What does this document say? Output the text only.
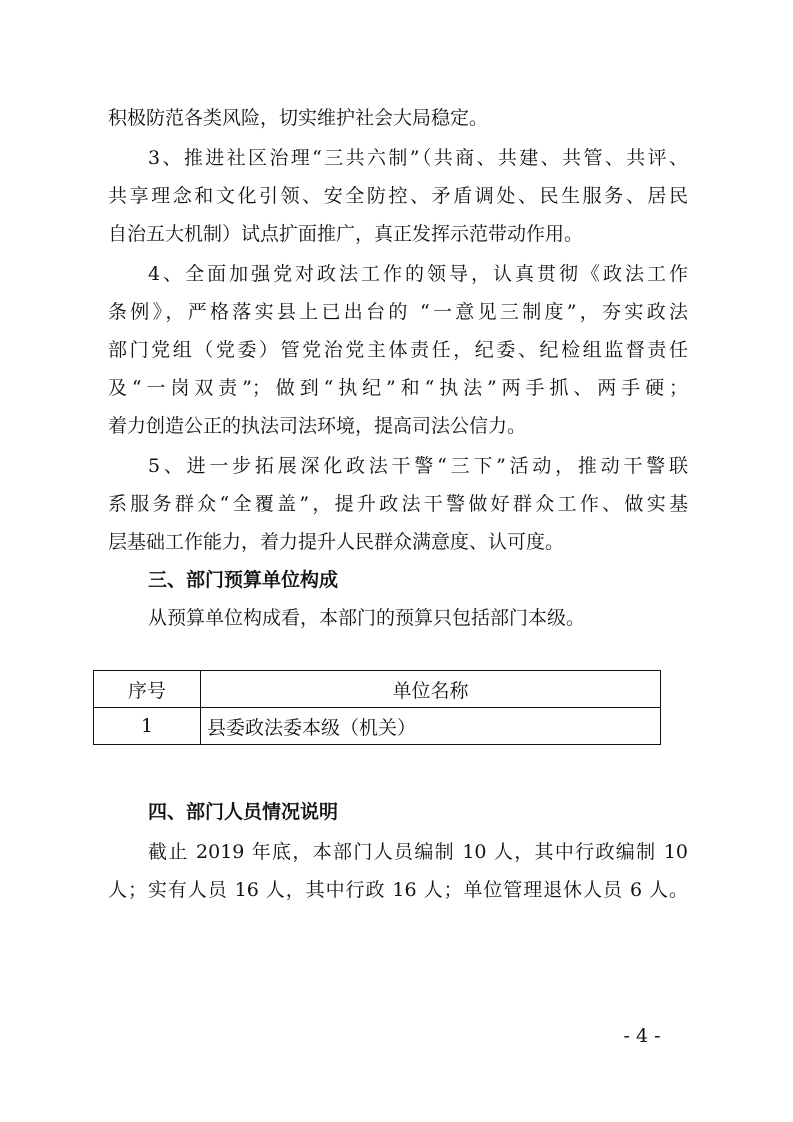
积极防范各类风险，切实维护社会大局稳定。
3、推进社区治理“三共六制”（共商、共建、共管、共评、
共享理念和文化引领、安全防控、矛盾调处、民生服务、居民
自治五大机制）试点扩面推广，真正发挥示范带动作用。
4、全面加强党对政法工作的领导，认真贯彻《政法工作
条例》，严格落实县上已出台的 “一意见三制度”，夯实政法
部门党组（党委）管党治党主体责任，纪委、纪检组监督责任
及“一岗双责”；做到“执纪”和“执法”两手抓、两手硬；
着力创造公正的执法司法环境，提高司法公信力。
5、进一步拓展深化政法干警“三下”活动，推动干警联
系服务群众“全覆盖”，提升政法干警做好群众工作、做实基
层基础工作能力，着力提升人民群众满意度、认可度。
三、部门预算单位构成
从预算单位构成看，本部门的预算只包括部门本级。
序号	单位名称
1	县委政法委本级（机关）
四、部门人员情况说明
截止 2019 年底，本部门人员编制 10 人，其中行政编制 10
人；实有人员 16 人，其中行政 16 人；单位管理退休人员 6 人。
- 4 -
